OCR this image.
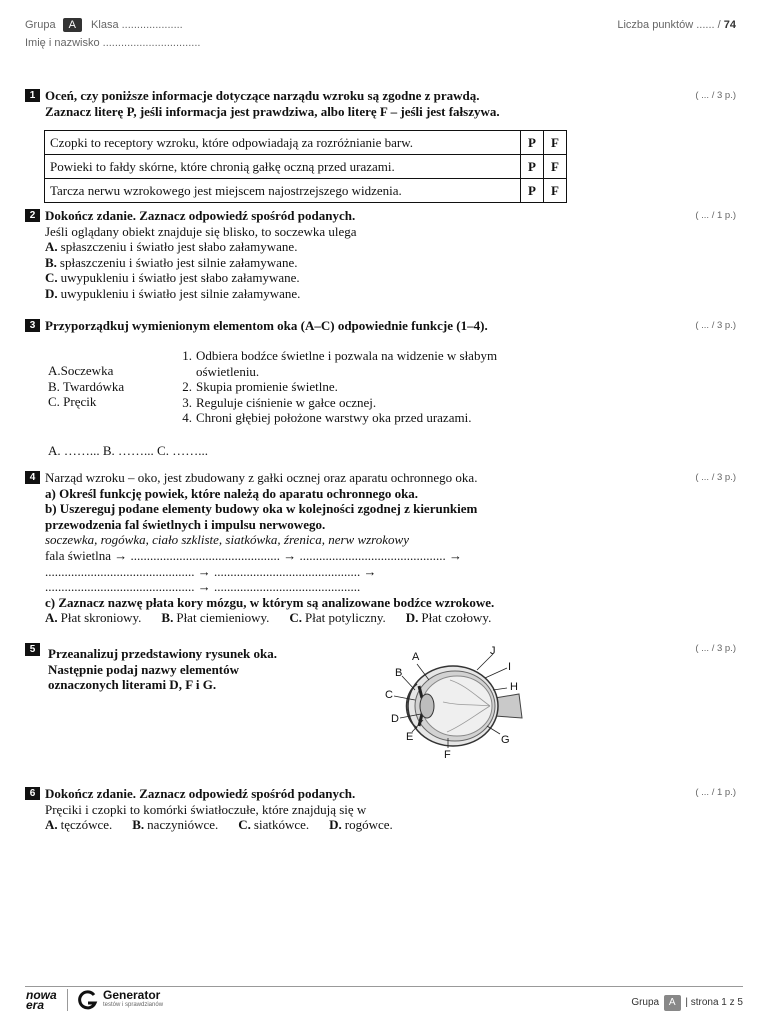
Grupa A Klasa ....................
Imię i nazwisko ................................
Liczba punktów ...... / 74
1	( ... / 3 p.)
Oceń, czy poniższe informacje dotyczące narządu wzroku są zgodne z prawdą.
Zaznacz literę P, jeśli informacja jest prawdziwa, albo literę F – jeśli jest fałszywa.
Czopki to receptory wzroku, które odpowiadają za rozróżnianie barw.	P	F
Powieki to fałdy skórne, które chronią gałkę oczną przed urazami.	P	F
Tarcza nerwu wzrokowego jest miejscem najostrzejszego widzenia.	P	F
2	( ... / 1 p.)
Dokończ zdanie. Zaznacz odpowiedź spośród podanych.
Jeśli oglądany obiekt znajduje się blisko, to soczewka ulega
A. spłaszczeniu i światło jest słabo załamywane.
B. spłaszczeniu i światło jest silnie załamywane.
C. uwypukleniu i światło jest słabo załamywane.
D. uwypukleniu i światło jest silnie załamywane.
3	( ... / 3 p.)
Przyporządkuj wymienionym elementom oka (A–C) odpowiednie funkcje (1–4).
A.Soczewka
B. Twardówka
C. Pręcik
1. Odbiera bodźce świetlne i pozwala na widzenie w słabym
oświetleniu.
2. Skupia promienie świetlne.
3. Reguluje ciśnienie w gałce ocznej.
4. Chroni głębiej położone warstwy oka przed urazami.
A. ……... B. ……... C. ……...
4	( ... / 3 p.)
Narząd wzroku – oko, jest zbudowany z gałki ocznej oraz aparatu ochronnego oka.
a) Określ funkcję powiek, które należą do aparatu ochronnego oka.
b) Uszereguj podane elementy budowy oka w kolejności zgodnej z kierunkiem
przewodzenia fal świetlnych i impulsu nerwowego.
soczewka, rogówka, ciało szkliste, siatkówka, źrenica, nerw wzrokowy
fala świetlna → .............................................. → ............................................. →
.............................................. → ............................................. →
.............................................. → .............................................
c) Zaznacz nazwę płata kory mózgu, w którym są analizowane bodźce wzrokowe.
A. Płat skroniowy. B. Płat ciemieniowy. C. Płat potyliczny. D. Płat czołowy.
5	( ... / 3 p.)
Przeanalizuj przedstawiony rysunek oka.
Następnie podaj nazwy elementów
oznaczonych literami D, F i G.
A
B
C
D
E
F
G
H
I
J
6	( ... / 1 p.)
Dokończ zdanie. Zaznacz odpowiedź spośród podanych.
Pręciki i czopki to komórki światłoczułe, które znajdują się w
A. tęczówce. B. naczyniówce. C. siatkówce. D. rogówce.
nowa
era
Generator
testów i sprawdzianów	Grupa A | strona 1 z 5
